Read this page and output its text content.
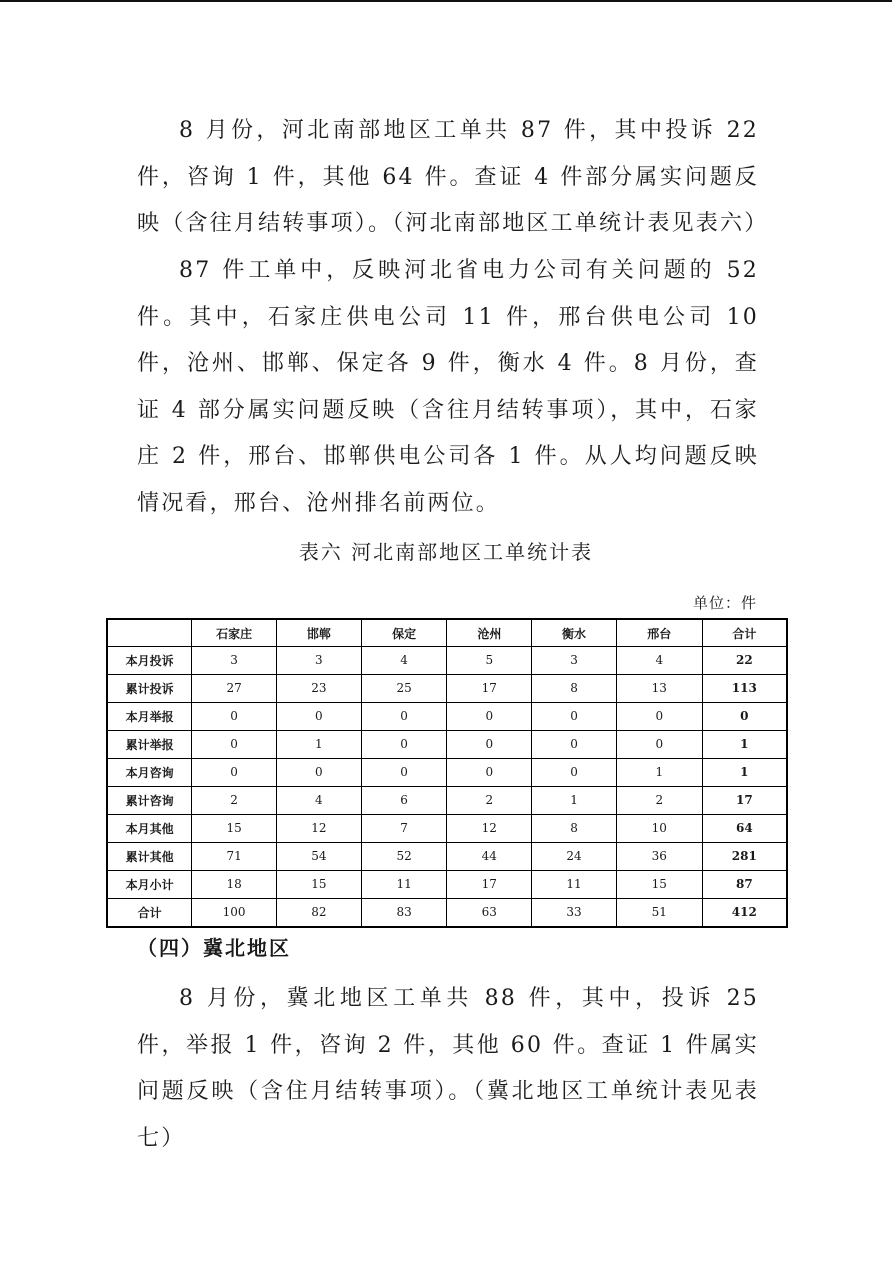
8 月份，河北南部地区工单共 87 件，其中投诉 22 件，咨询 1 件，其他 64 件。查证 4 件部分属实问题反映（含往月结转事项）。（河北南部地区工单统计表见表六）

87 件工单中，反映河北省电力公司有关问题的 52 件。其中，石家庄供电公司 11 件，邢台供电公司 10 件，沧州、邯郸、保定各 9 件，衡水 4 件。8 月份，查证 4 部分属实问题反映（含往月结转事项），其中，石家庄 2 件，邢台、邯郸供电公司各 1 件。从人均问题反映情况看，邢台、沧州排名前两位。

表六 河北南部地区工单统计表
单位：件
	石家庄	邯郸	保定	沧州	衡水	邢台	合计
本月投诉	3	3	4	5	3	4	22
累计投诉	27	23	25	17	8	13	113
本月举报	0	0	0	0	0	0	0
累计举报	0	1	0	0	0	0	1
本月咨询	0	0	0	0	0	1	1
累计咨询	2	4	6	2	1	2	17
本月其他	15	12	7	12	8	10	64
累计其他	71	54	52	44	24	36	281
本月小计	18	15	11	17	11	15	87
合计	100	82	83	63	33	51	412
（四）冀北地区

8 月份，冀北地区工单共 88 件，其中，投诉 25 件，举报 1 件，咨询 2 件，其他 60 件。查证 1 件属实问题反映（含住月结转事项）。（冀北地区工单统计表见表七）
